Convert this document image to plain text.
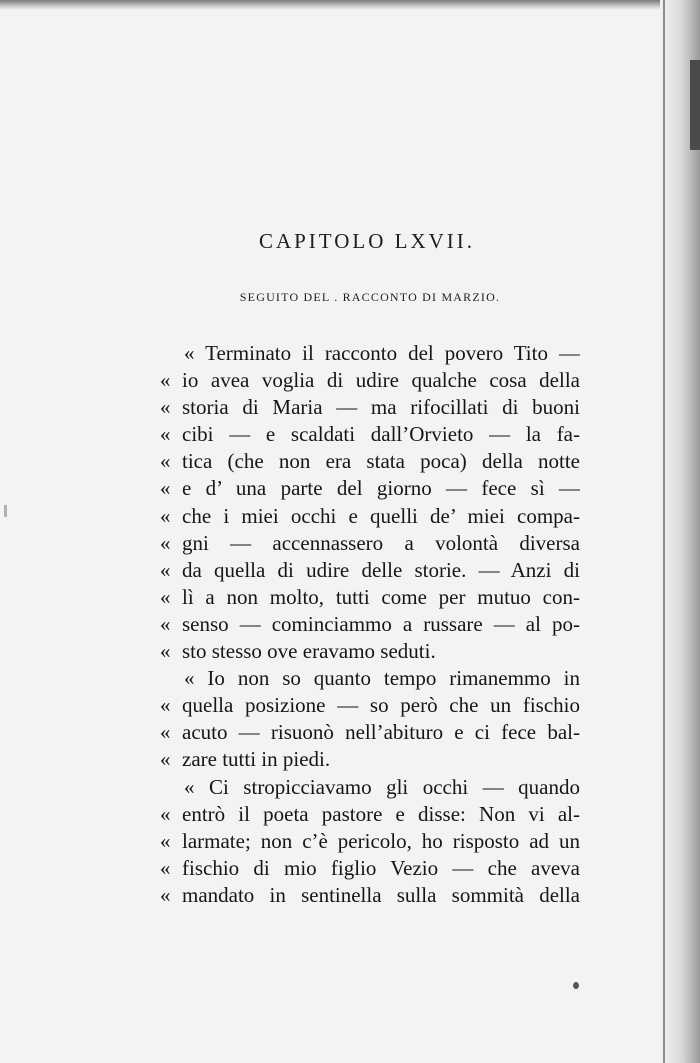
CAPITOLO LXVII.
SEGUITO DEL . RACCONTO DI MARZIO.
« Terminato il racconto del povero Tito —
« io avea voglia di udire qualche cosa della
« storia di Maria — ma rifocillati di buoni
« cibi — e scaldati dall’Orvieto — la fa-
« tica (che non era stata poca) della notte
« e d’ una parte del giorno — fece sì —
« che i miei occhi e quelli de’ miei compa-
« gni — accennassero a volontà diversa
« da quella di udire delle storie. — Anzi di
« lì a non molto, tutti come per mutuo con-
« senso — cominciammo a russare — al po-
« sto stesso ove eravamo seduti.
« Io non so quanto tempo rimanemmo in
« quella posizione — so però che un fischio
« acuto — risuonò nell’abituro e ci fece bal-
« zare tutti in piedi.
« Ci stropicciavamo gli occhi — quando
« entrò il poeta pastore e disse: Non vi al-
« larmate; non c’è pericolo, ho risposto ad un
« fischio di mio figlio Vezio — che aveva
« mandato in sentinella sulla sommità della
